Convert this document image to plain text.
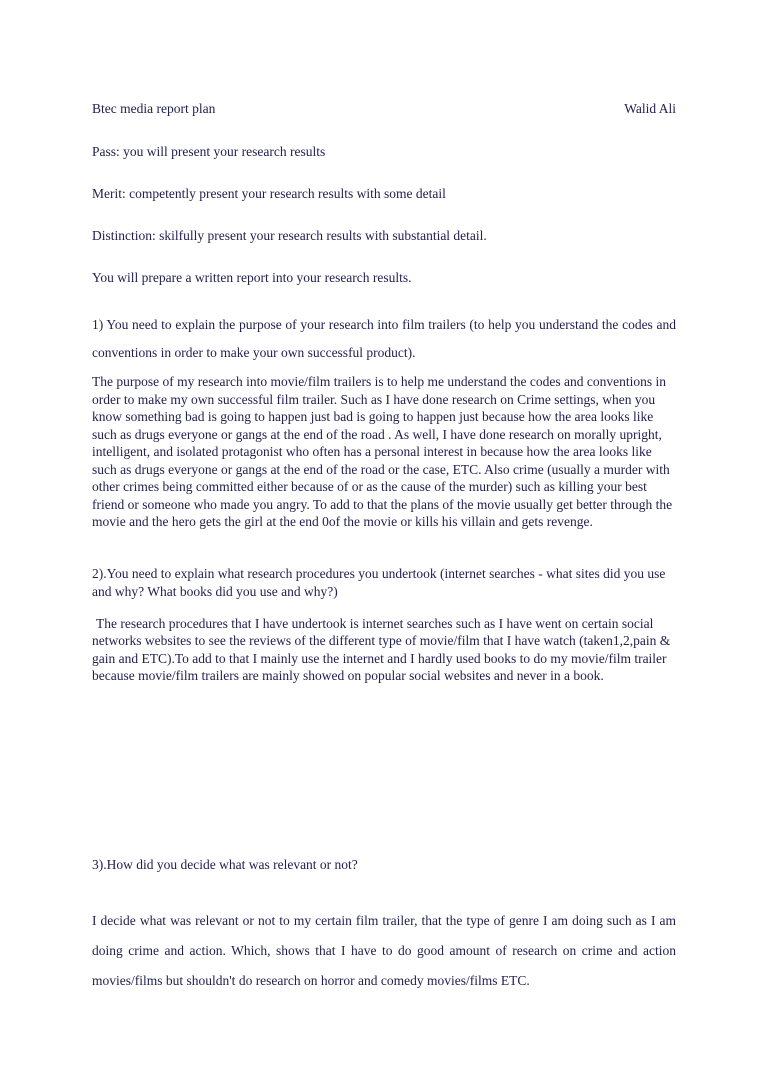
Btec media report plan	Walid Ali

Pass: you will present your research results

Merit: competently present your research results with some detail

Distinction: skilfully present your research results with substantial detail.

You will prepare a written report into your research results.

1) You need to explain the purpose of your research into film trailers (to help you understand the codes and conventions in order to make your own successful product).

The purpose of my research into movie/film trailers is to help me understand the codes and conventions in order to make my own successful film trailer. Such as I have done research on Crime settings, when you know something bad is going to happen just bad is going to happen just because how the area looks like such as drugs everyone or gangs at the end of the road . As well, I have done research on morally upright, intelligent, and isolated protagonist who often has a personal interest in because how the area looks like such as drugs everyone or gangs at the end of the road or the case, ETC. Also crime (usually a murder with other crimes being committed either because of or as the cause of the murder) such as killing your best friend or someone who made you angry. To add to that the plans of the movie usually get better through the movie and the hero gets the girl at the end 0of the movie or kills his villain and gets revenge.

2).You need to explain what research procedures you undertook (internet searches - what sites did you use and why? What books did you use and why?)

The research procedures that I have undertook is internet searches such as I have went on certain social networks websites to see the reviews of the different type of movie/film that I have watch (taken1,2,pain & gain and ETC).To add to that I mainly use the internet and I hardly used books to do my movie/film trailer because movie/film trailers are mainly showed on popular social websites and never in a book.

3).How did you decide what was relevant or not?

I decide what was relevant or not to my certain film trailer, that the type of genre I am doing such as I am doing crime and action. Which, shows that I have to do good amount of research on crime and action movies/films but shouldn't do research on horror and comedy movies/films ETC.
